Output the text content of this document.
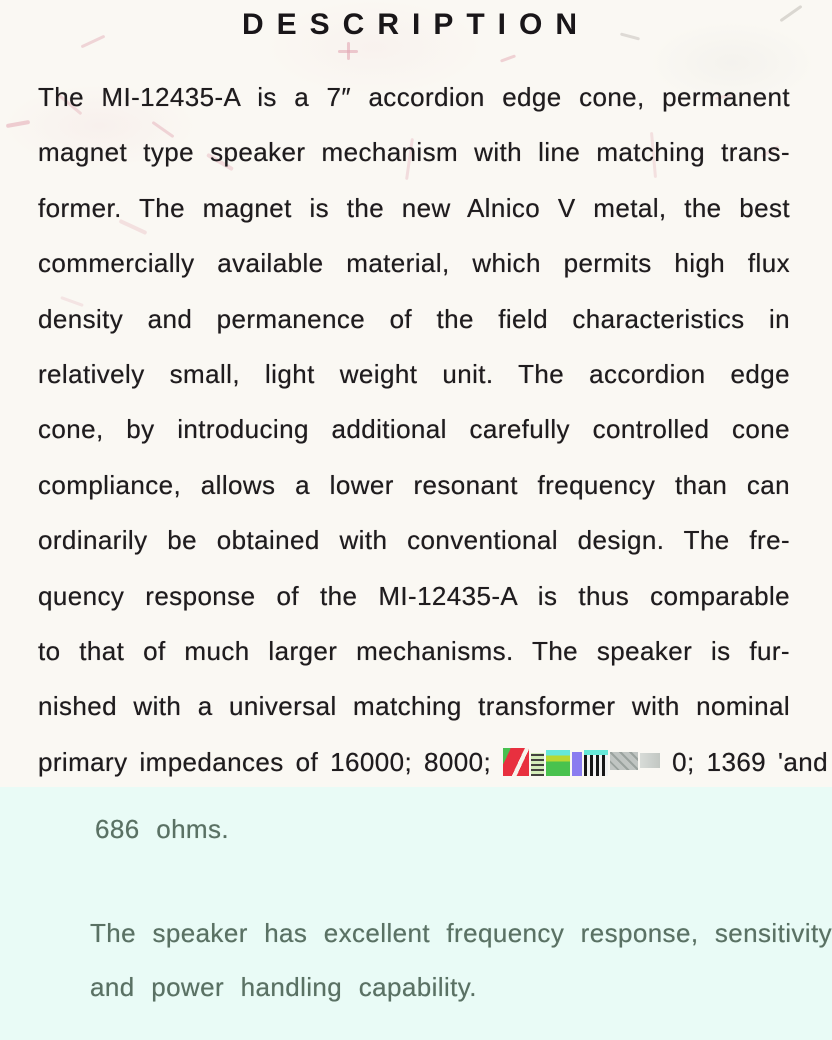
DESCRIPTION
The MI-12435-A is a 7″ accordion edge cone, permanent
magnet type speaker mechanism with line matching trans-
former. The magnet is the new Alnico V metal, the best
commercially available material, which permits high flux
density and permanence of the field characteristics in
relatively small, light weight unit. The accordion edge
cone, by introducing additional carefully controlled cone
compliance, allows a lower resonant frequency than can
ordinarily be obtained with conventional design. The fre-
quency response of the MI-12435-A is thus comparable
to that of much larger mechanisms. The speaker is fur-
nished with a universal matching transformer with nominal
primary impedances of 16000; 8000;	0; 1369 'and
686 ohms.
The speaker has excellent frequency response, sensitivity
and power handling capability.
